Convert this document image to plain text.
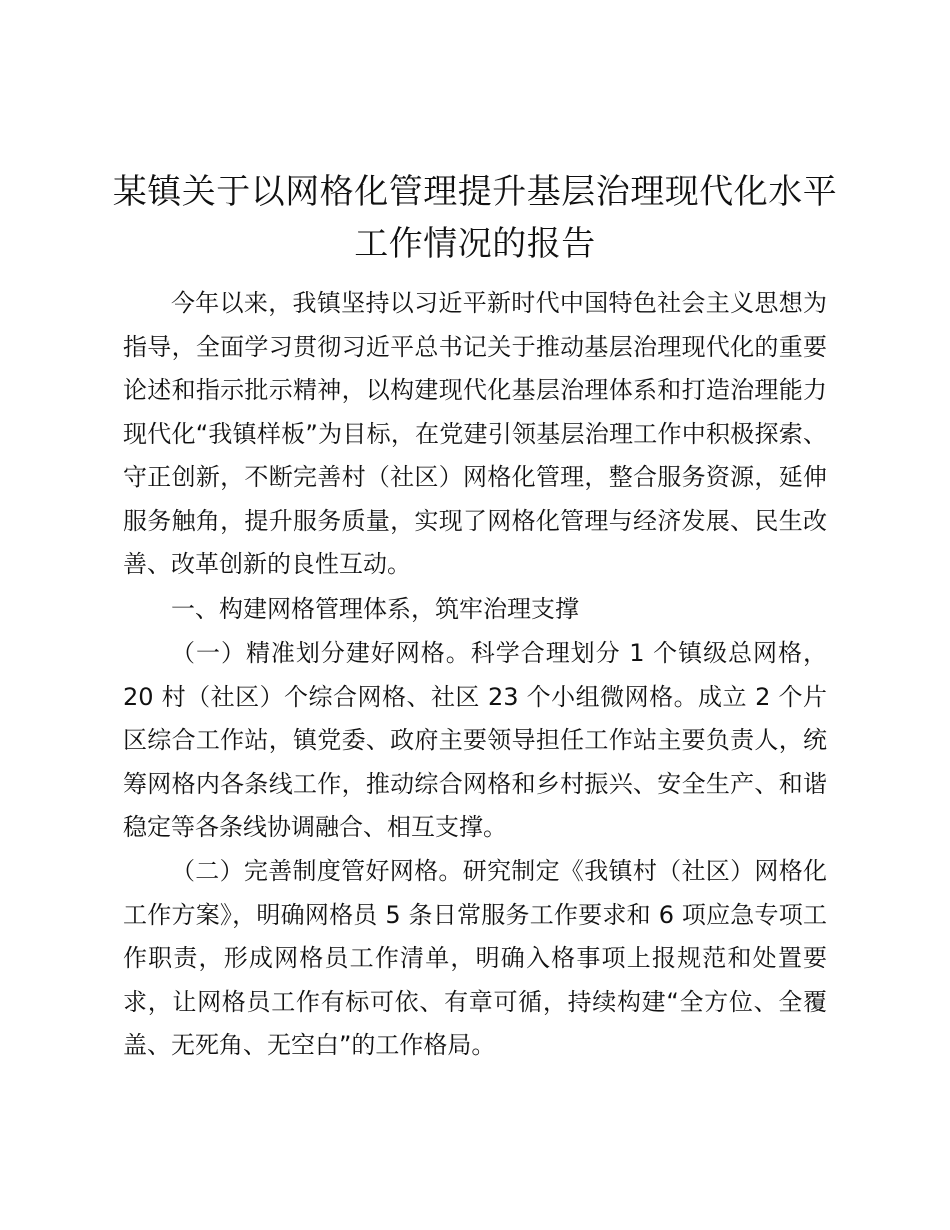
某镇关于以网格化管理提升基层治理现代化水平工作情况的报告

今年以来，我镇坚持以习近平新时代中国特色社会主义思想为指导，全面学习贯彻习近平总书记关于推动基层治理现代化的重要论述和指示批示精神，以构建现代化基层治理体系和打造治理能力现代化“我镇样板”为目标，在党建引领基层治理工作中积极探索、守正创新，不断完善村（社区）网格化管理，整合服务资源，延伸服务触角，提升服务质量，实现了网格化管理与经济发展、民生改善、改革创新的良性互动。

一、构建网格管理体系，筑牢治理支撑

（一）精准划分建好网格。科学合理划分 1 个镇级总网格，20 村（社区）个综合网格、社区 23 个小组微网格。成立 2 个片区综合工作站，镇党委、政府主要领导担任工作站主要负责人，统筹网格内各条线工作，推动综合网格和乡村振兴、安全生产、和谐稳定等各条线协调融合、相互支撑。

（二）完善制度管好网格。研究制定《我镇村（社区）网格化工作方案》，明确网格员 5 条日常服务工作要求和 6 项应急专项工作职责，形成网格员工作清单，明确入格事项上报规范和处置要求，让网格员工作有标可依、有章可循，持续构建“全方位、全覆盖、无死角、无空白”的工作格局。
